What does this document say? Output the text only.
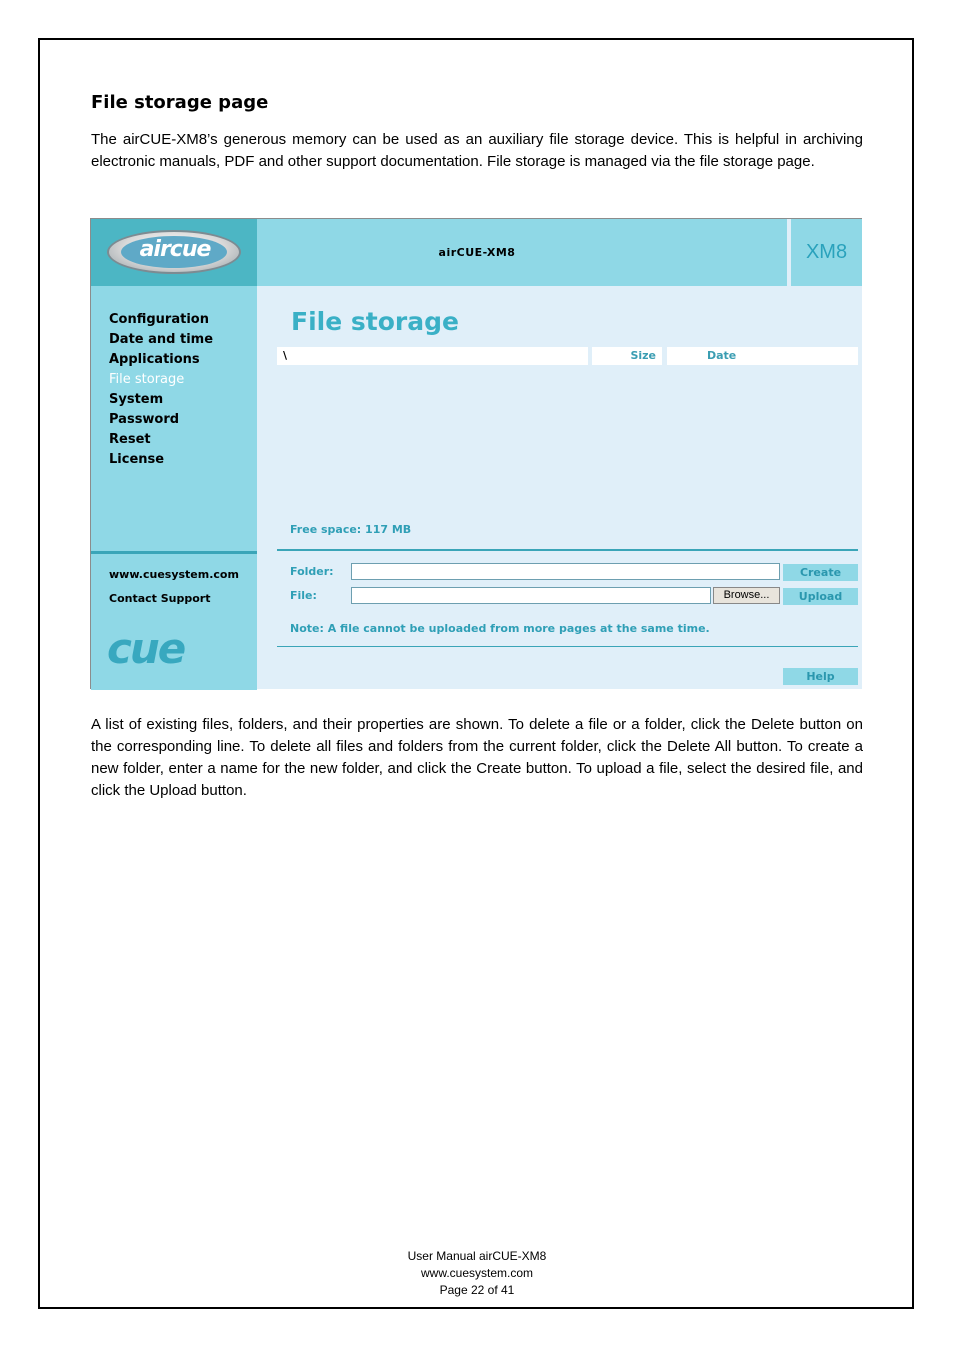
File storage page

The airCUE-XM8’s generous memory can be used as an auxiliary file storage device. This is helpful in archiving electronic manuals, PDF and other support documentation. File storage is managed via the file storage page.

aircue	airCUE-XM8	XM8
Configuration
Date and time
Applications
File storage
System
Password
Reset
License
www.cuesystem.com
Contact Support
cue
File storage
\	Size	Date
Free space: 117 MB
Folder:	Create
File:	Browse...	Upload
Note: A file cannot be uploaded from more pages at the same time.
Help

A list of existing files, folders, and their properties are shown. To delete a file or a folder, click the Delete button on the corresponding line. To delete all files and folders from the current folder, click the Delete All button. To create a new folder, enter a name for the new folder, and click the Create button. To upload a file, select the desired file, and click the Upload button.

User Manual airCUE-XM8
www.cuesystem.com
Page 22 of 41
